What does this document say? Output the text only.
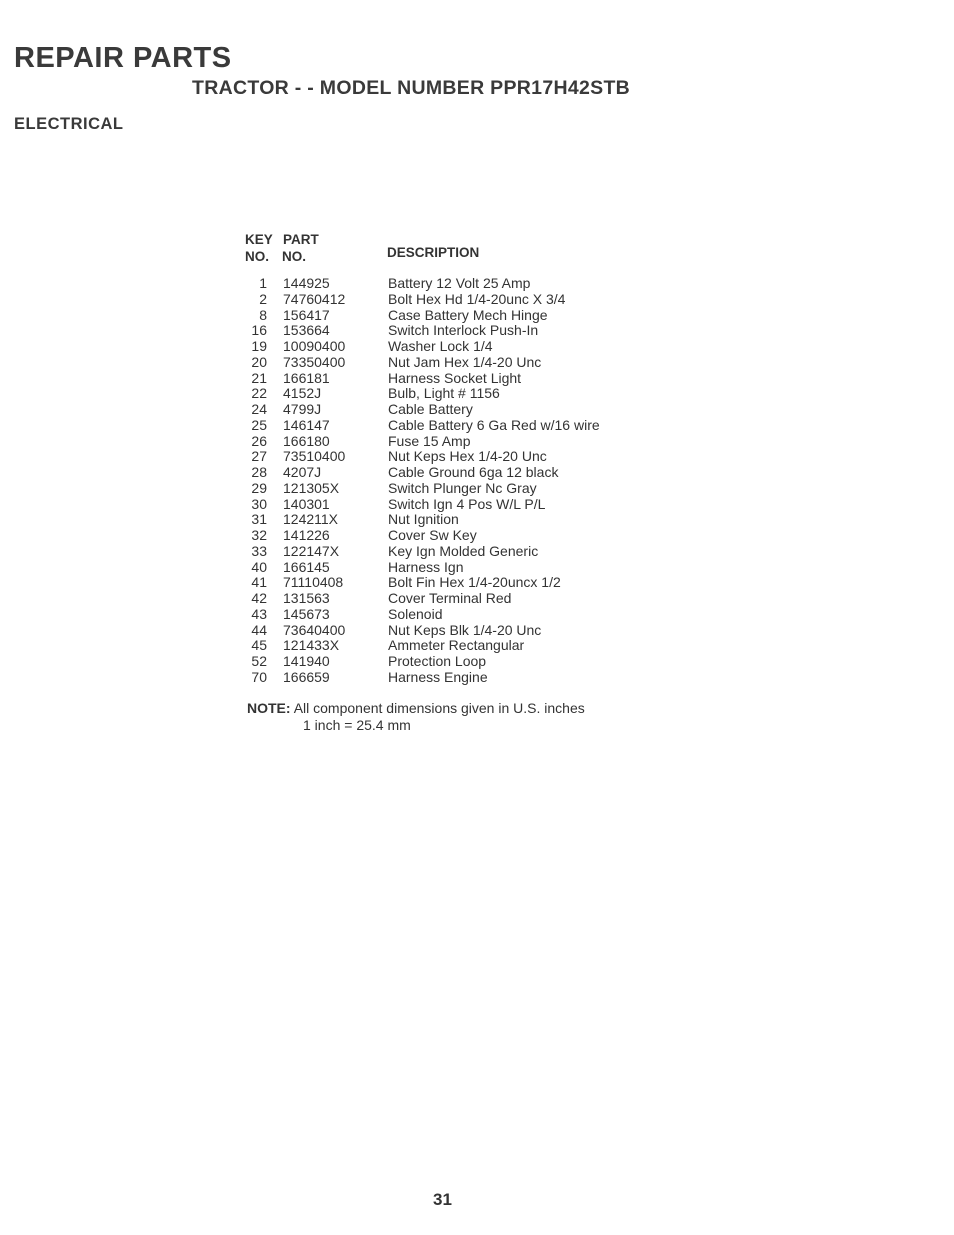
REPAIR PARTS
TRACTOR - - MODEL NUMBER PPR17H42STB
ELECTRICAL
KEY
NO.
PART
NO.	DESCRIPTION
1 144925	Battery 12 Volt 25 Amp
2 74760412	Bolt Hex Hd 1/4-20unc X 3/4
8 156417	Case Battery Mech Hinge
16 153664	Switch Interlock Push-In
19 10090400	Washer Lock 1/4
20 73350400	Nut Jam Hex 1/4-20 Unc
21 166181	Harness Socket Light
22 4152J	Bulb, Light # 1156
24 4799J	Cable Battery
25 146147	Cable Battery 6 Ga Red w/16 wire
26 166180	Fuse 15 Amp
27 73510400	Nut Keps Hex 1/4-20 Unc
28 4207J	Cable Ground 6ga 12 black
29 121305X	Switch Plunger Nc Gray
30 140301	Switch Ign 4 Pos W/L P/L
31 124211X	Nut Ignition
32 141226	Cover Sw Key
33 122147X	Key Ign Molded Generic
40 166145	Harness Ign
41 71110408	Bolt Fin Hex 1/4-20uncx 1/2
42 131563	Cover Terminal Red
43 145673	Solenoid
44 73640400	Nut Keps Blk 1/4-20 Unc
45 121433X	Ammeter Rectangular
52 141940	Protection Loop
70 166659	Harness Engine
NOTE: All component dimensions given in U.S. inches
1 inch = 25.4 mm
31
